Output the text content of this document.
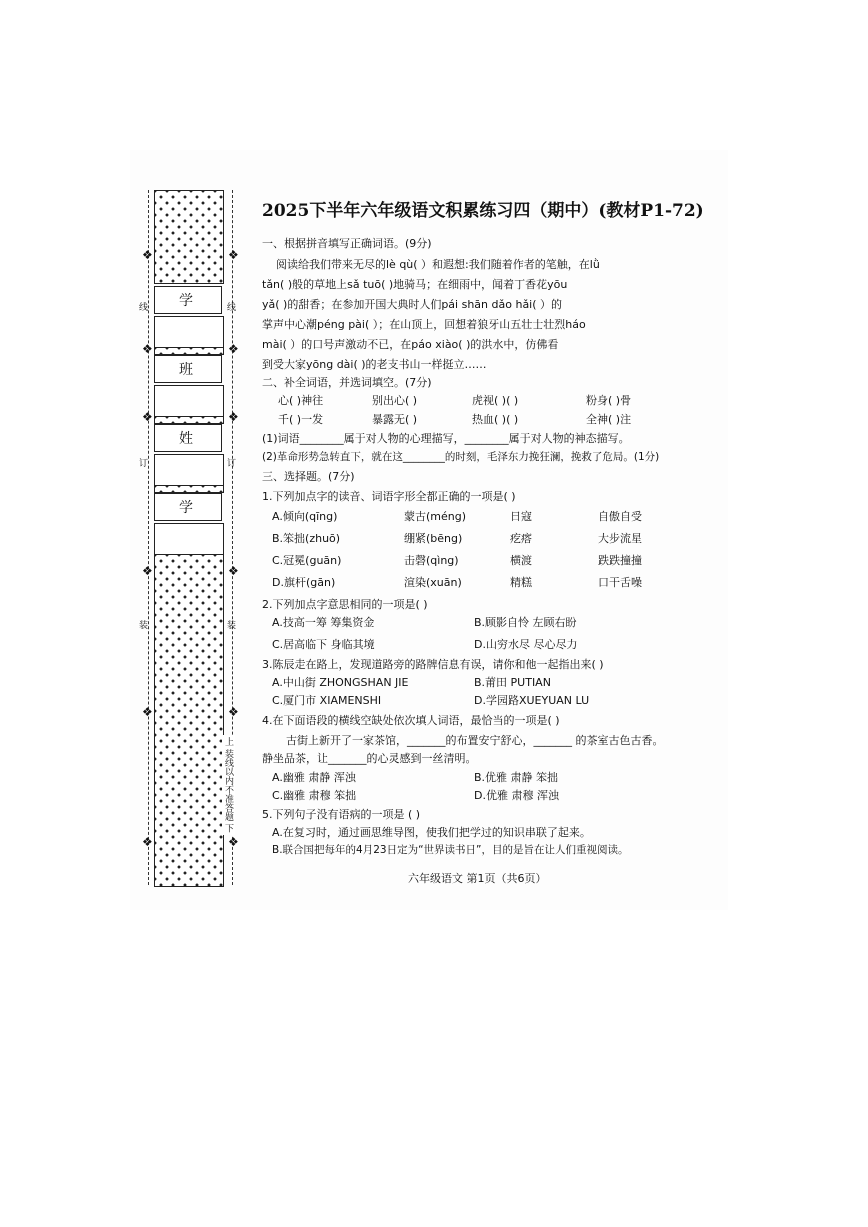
学
班
姓
学
线	线
订	订
装	装
上 装线以内不准答题 下
❖	❖
❖	❖
❖	❖
❖	❖
❖	❖
❖	❖
2025下半年六年级语文积累练习四（期中）(教材P1-72)
一、根据拼音填写正确词语。(9分)
阅读给我们带来无尽的lè qù( ）和遐想:我们随着作者的笔触，在lǜ
tǎn( )般的草地上sǎ tuō( )地骑马；在细雨中，闻着丁香花yōu
yǎ( )的甜香；在参加开国大典时人们pái shān dǎo hǎi( ）的
掌声中心潮péng pài( ）；在山顶上，回想着狼牙山五壮士壮烈háo
mài( ）的口号声激动不已，在páo xiào( )的洪水中，仿佛看
到受大家yōng dài( )的老支书山一样挺立……
二、补全词语，并选词填空。(7分)
心( )神往	别出心( )	虎视( )( )	粉身( )骨
千( )一发	暴露无( )	热血( )( )	全神( )注
(1)词语________属于对人物的心理描写，________属于对人物的神态描写。
(2)革命形势急转直下，就在这________的时刻，毛泽东力挽狂澜，挽救了危局。(1分)
三、选择题。(7分)
1.下列加点字的读音、词语字形全都正确的一项是( )
A.倾向(qīng)	蒙古(méng)	日寇	自傲自受
B.笨拙(zhuō)	绷紧(bēng)	疙瘩	大步流星
C.冠冕(guān)	击磬(qìng)	横渡	跌跌撞撞
D.旗杆(gān)	渲染(xuān)	精糕	口干舌噪
2.下列加点字意思相同的一项是( )
A.技高一筹 筹集资金	B.顾影自怜 左顾右盼
C.居高临下 身临其境	D.山穷水尽 尽心尽力
3.陈辰走在路上，发现道路旁的路牌信息有误，请你和他一起指出来( )
A.中山街 ZHONGSHAN JIE	B.莆田 PUTIAN
C.厦门市 XIAMENSHI	D.学园路XUEYUAN LU
4.在下面语段的横线空缺处依次填人词语，最恰当的一项是( )
古街上新开了一家茶馆，_______的布置安宁舒心，_______ 的茶室古色古香。
静坐品茶，让_______的心灵感到一丝清明。
A.幽雅 肃静 浑浊	B.优雅 肃静 笨拙
C.幽雅 肃穆 笨拙	D.优雅 肃穆 浑浊
5.下列句子没有语病的一项是 ( )
A.在复习时，通过画思维导图，使我们把学过的知识串联了起来。
B.联合国把每年的4月23日定为“世界读书日”，目的是旨在让人们重视阅读。
六年级语文 第1页（共6页）
